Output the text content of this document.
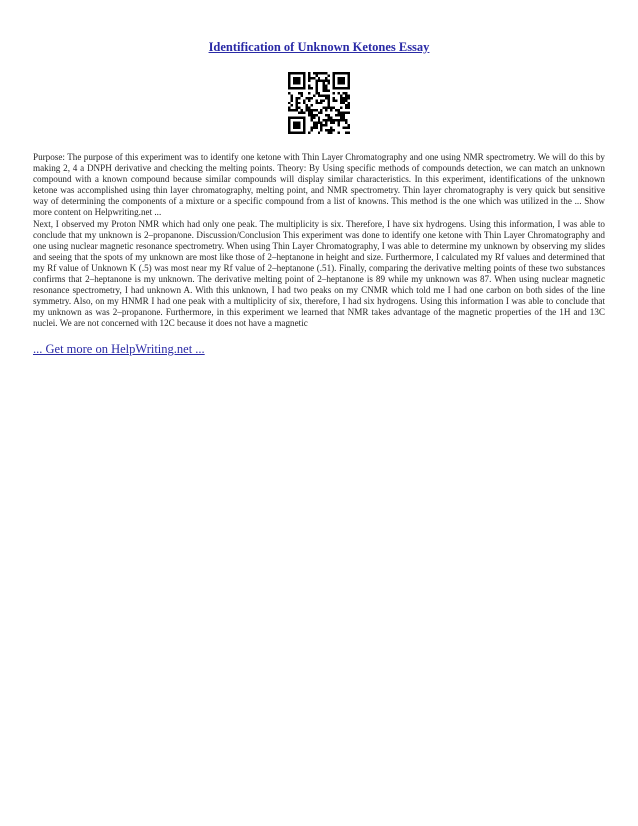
Identification of Unknown Ketones Essay

Purpose: The purpose of this experiment was to identify one ketone with Thin Layer Chromatography and one using NMR spectrometry. We will do this by making 2, 4 a DNPH derivative and checking the melting points. Theory: By Using specific methods of compounds detection, we can match an unknown compound with a known compound because similar compounds will display similar characteristics. In this experiment, identifications of the unknown ketone was accomplished using thin layer chromatography, melting point, and NMR spectrometry. Thin layer chromatography is very quick but sensitive way of determining the components of a mixture or a specific compound from a list of knowns. This method is the one which was utilized in the ... Show more content on Helpwriting.net ...

Next, I observed my Proton NMR which had only one peak. The multiplicity is six. Therefore, I have six hydrogens. Using this information, I was able to conclude that my unknown is 2–propanone. Discussion/Conclusion This experiment was done to identify one ketone with Thin Layer Chromatography and one using nuclear magnetic resonance spectrometry. When using Thin Layer Chromatography, I was able to determine my unknown by observing my slides and seeing that the spots of my unknown are most like those of 2–heptanone in height and size. Furthermore, I calculated my Rf values and determined that my Rf value of Unknown K (.5) was most near my Rf value of 2–heptanone (.51). Finally, comparing the derivative melting points of these two substances confirms that 2–heptanone is my unknown. The derivative melting point of 2–heptanone is 89 while my unknown was 87. When using nuclear magnetic resonance spectrometry, I had unknown A. With this unknown, I had two peaks on my CNMR which told me I had one carbon on both sides of the line symmetry. Also, on my HNMR I had one peak with a multiplicity of six, therefore, I had six hydrogens. Using this information I was able to conclude that my unknown as was 2–propanone. Furthermore, in this experiment we learned that NMR takes advantage of the magnetic properties of the 1H and 13C nuclei. We are not concerned with 12C because it does not have a magnetic

... Get more on HelpWriting.net ...
